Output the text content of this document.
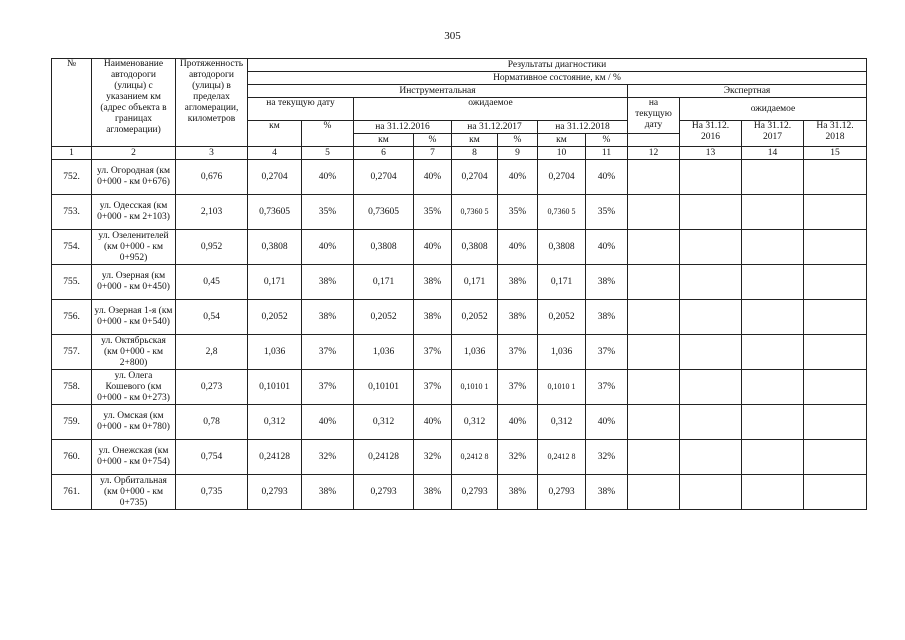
305
№	Наименование автодороги (улицы) с указанием км (адрес объекта в границах агломерации)	Протяженность автодороги (улицы) в пределах агломерации, километров	Результаты диагностики											
			Нормативное состояние, км / %											
			Инструментальная								Экспертная			
			на текущую дату		ожидаемое						на текущую дату	ожидаемое		
			км	%	на 31.12.2016		на 31.12.2017		на 31.12.2018			На 31.12. 2016	На 31.12. 2017	На 31.12. 2018
					км	%	км	%	км	%				
1	2	3	4	5	6	7	8	9	10	11	12	13	14	15
752.	ул. Огородная (км 0+000 - км 0+676)	0,676	0,2704	40%	0,2704	40%	0,2704	40%	0,2704	40%				
753.	ул. Одесская (км 0+000 - км 2+103)	2,103	0,73605	35%	0,73605	35%	0,7360 5	35%	0,7360 5	35%				
754.	ул. Озеленителей (км 0+000 - км 0+952)	0,952	0,3808	40%	0,3808	40%	0,3808	40%	0,3808	40%				
755.	ул. Озерная (км 0+000 - км 0+450)	0,45	0,171	38%	0,171	38%	0,171	38%	0,171	38%				
756.	ул. Озерная 1-я (км 0+000 - км 0+540)	0,54	0,2052	38%	0,2052	38%	0,2052	38%	0,2052	38%				
757.	ул. Октябрьская (км 0+000 - км 2+800)	2,8	1,036	37%	1,036	37%	1,036	37%	1,036	37%				
758.	ул. Олега Кошевого (км 0+000 - км 0+273)	0,273	0,10101	37%	0,10101	37%	0,1010 1	37%	0,1010 1	37%				
759.	ул. Омская (км 0+000 - км 0+780)	0,78	0,312	40%	0,312	40%	0,312	40%	0,312	40%				
760.	ул. Онежская (км 0+000 - км 0+754)	0,754	0,24128	32%	0,24128	32%	0,2412 8	32%	0,2412 8	32%				
761.	ул. Орбитальная (км 0+000 - км 0+735)	0,735	0,2793	38%	0,2793	38%	0,2793	38%	0,2793	38%				
